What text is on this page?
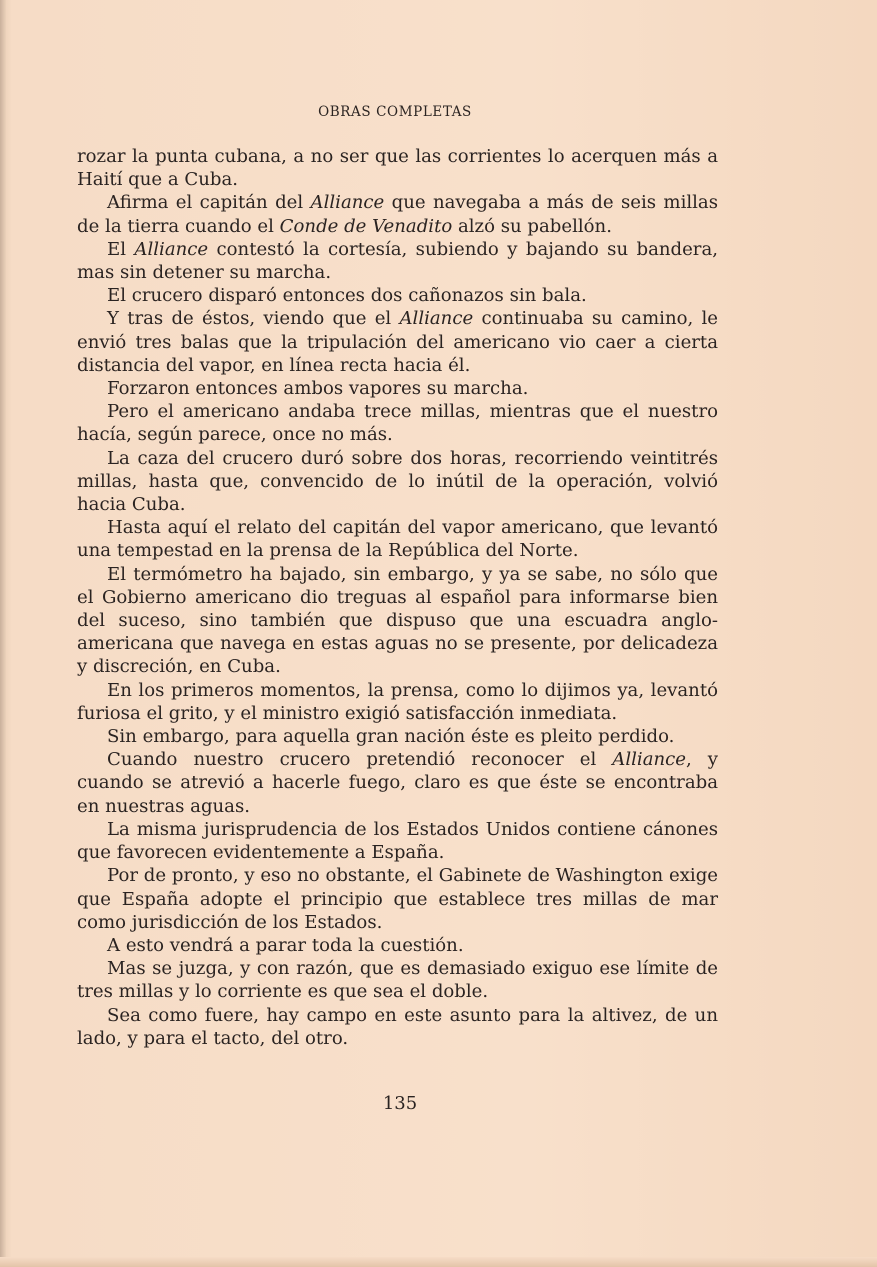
OBRAS COMPLETAS

rozar la punta cubana, a no ser que las corrientes lo acerquen más a Haití que a Cuba.

Afirma el capitán del Alliance que navegaba a más de seis millas de la tierra cuando el Conde de Venadito alzó su pabellón.

El Alliance contestó la cortesía, subiendo y bajando su bandera, mas sin detener su marcha.

El crucero disparó entonces dos cañonazos sin bala.

Y tras de éstos, viendo que el Alliance continuaba su camino, le envió tres balas que la tripulación del americano vio caer a cierta distancia del vapor, en línea recta hacia él.

Forzaron entonces ambos vapores su marcha.

Pero el americano andaba trece millas, mientras que el nuestro hacía, según parece, once no más.

La caza del crucero duró sobre dos horas, recorriendo veintitrés millas, hasta que, convencido de lo inútil de la operación, volvió hacia Cuba.

Hasta aquí el relato del capitán del vapor americano, que levantó una tempestad en la prensa de la República del Norte.

El termómetro ha bajado, sin embargo, y ya se sabe, no sólo que el Gobierno americano dio treguas al español para informarse bien del suceso, sino también que dispuso que una escuadra anglo-americana que navega en estas aguas no se presente, por delicadeza y discreción, en Cuba.

En los primeros momentos, la prensa, como lo dijimos ya, levantó furiosa el grito, y el ministro exigió satisfacción inmediata.

Sin embargo, para aquella gran nación éste es pleito perdido.

Cuando nuestro crucero pretendió reconocer el Alliance, y cuando se atrevió a hacerle fuego, claro es que éste se encontraba en nuestras aguas.

La misma jurisprudencia de los Estados Unidos contiene cánones que favorecen evidentemente a España.

Por de pronto, y eso no obstante, el Gabinete de Washington exige que España adopte el principio que establece tres millas de mar como jurisdicción de los Estados.

A esto vendrá a parar toda la cuestión.

Mas se juzga, y con razón, que es demasiado exiguo ese límite de tres millas y lo corriente es que sea el doble.

Sea como fuere, hay campo en este asunto para la altivez, de un lado, y para el tacto, del otro.

135
